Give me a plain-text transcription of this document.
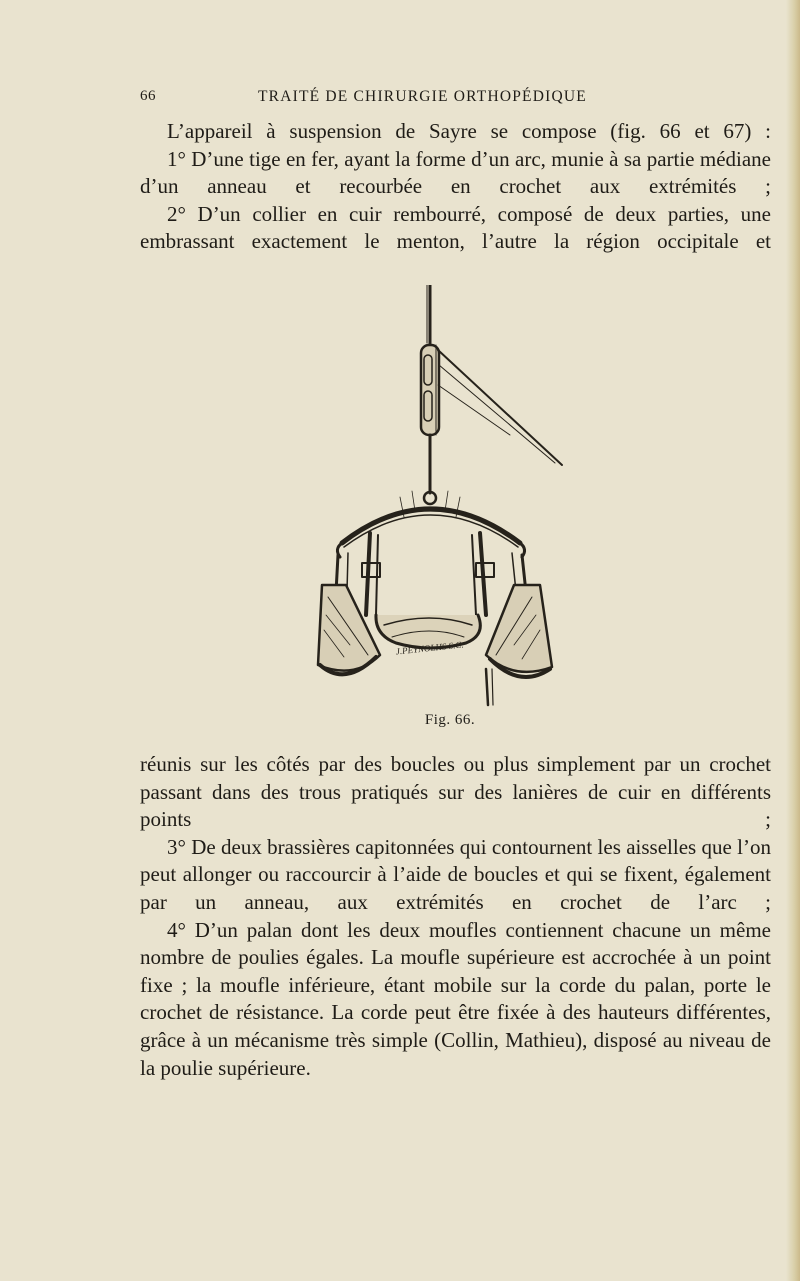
66	TRAITÉ DE CHIRURGIE ORTHOPÉDIQUE

L’appareil à suspension de Sayre se compose (fig. 66 et 67) :

1° D’une tige en fer, ayant la forme d’un arc, munie à sa partie médiane d’un anneau et recourbée en crochet aux extrémités ;

2° D’un collier en cuir rembourré, composé de deux parties, une embrassant exactement le menton, l’autre la région occipitale et

J.PEYNOLHS S.C.
Fig. 66.

réunis sur les côtés par des boucles ou plus simplement par un crochet passant dans des trous pratiqués sur des lanières de cuir en différents points ;

3° De deux brassières capitonnées qui contournent les aisselles que l’on peut allonger ou raccourcir à l’aide de boucles et qui se fixent, également par un anneau, aux extrémités en crochet de l’arc ;

4° D’un palan dont les deux moufles contiennent chacune un même nombre de poulies égales. La moufle supérieure est accrochée à un point fixe ; la moufle inférieure, étant mobile sur la corde du palan, porte le crochet de résistance. La corde peut être fixée à des hauteurs différentes, grâce à un mécanisme très simple (Collin, Mathieu), disposé au niveau de la poulie supérieure.
